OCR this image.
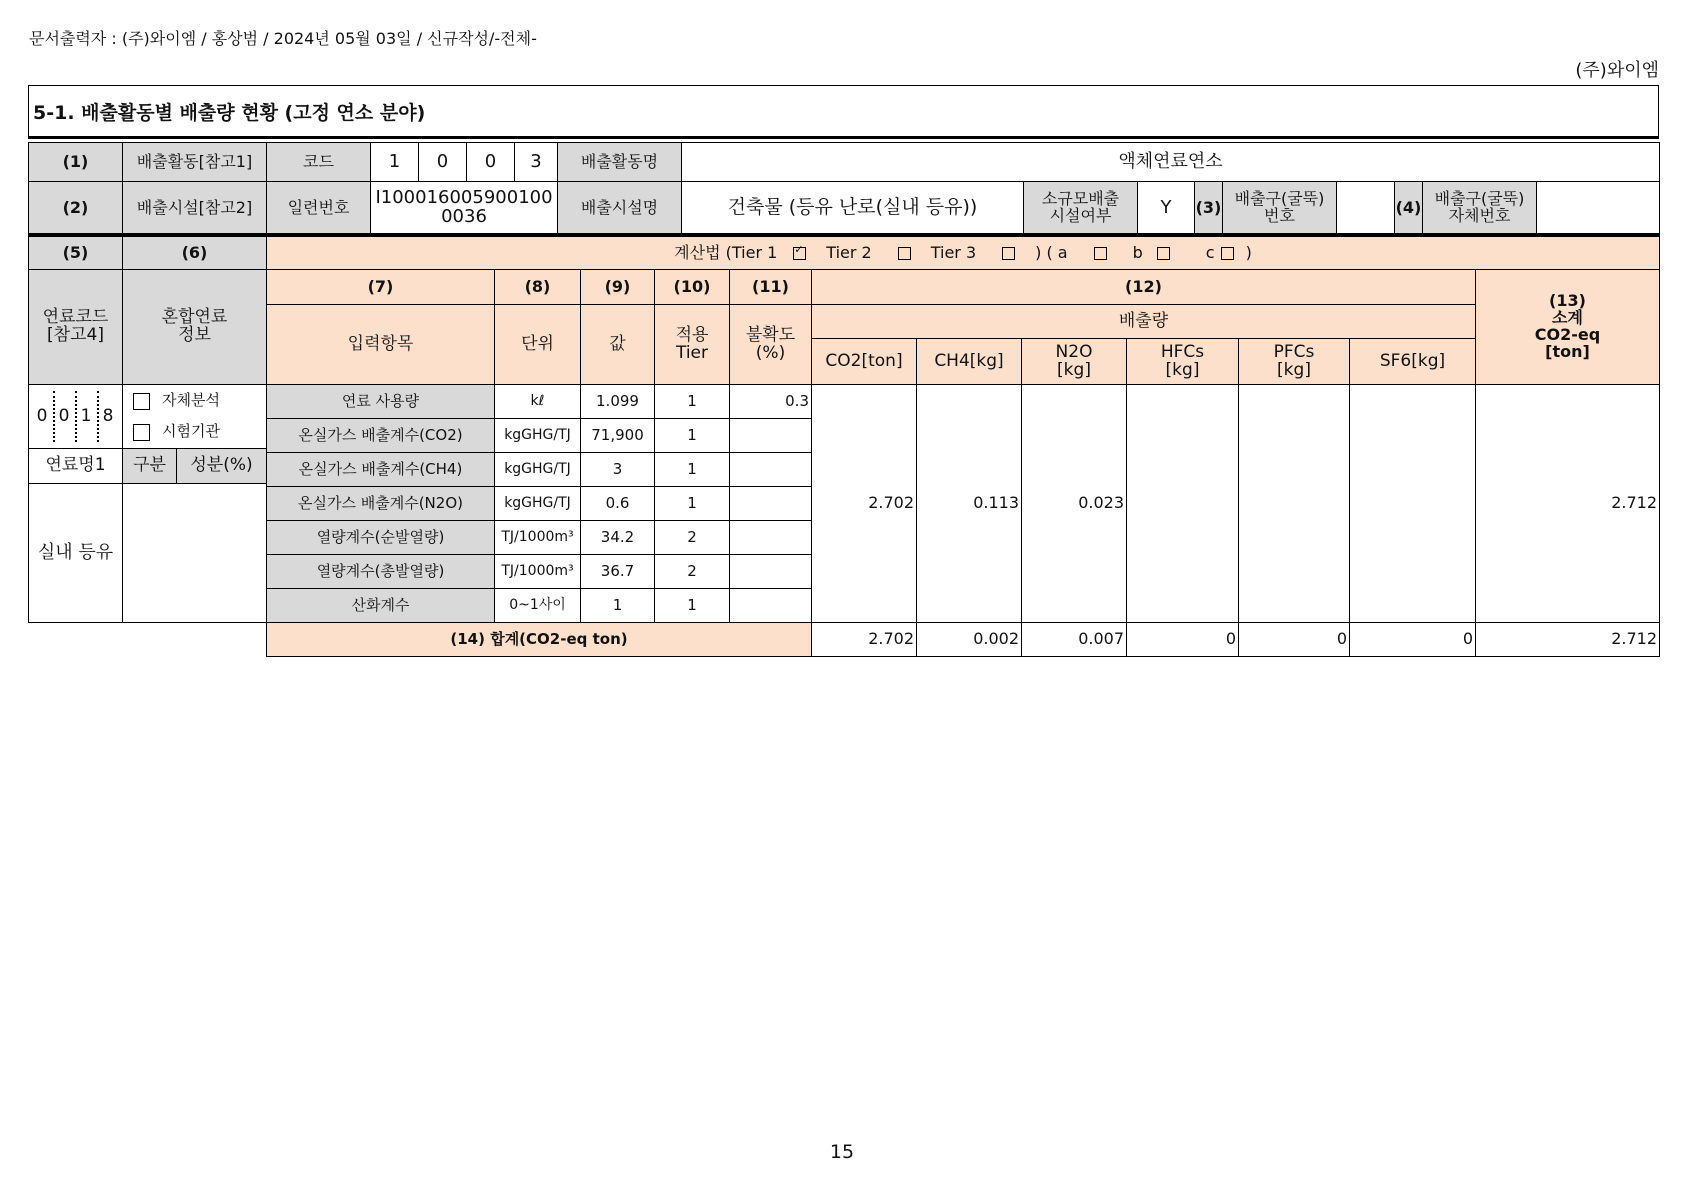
문서출력자 : (주)와이엠 / 홍상범 / 2024년 05월 03일 / 신규작성/-전체-
(주)와이엠
5-1. 배출활동별 배출량 현황 (고정 연소 분야)
(1)	배출활동[참고1]	코드	1	0	0	3	배출활동명	액체연료연소
(2)	배출시설[참고2]	일련번호	I100016005900100
0036	배출시설명	건축물 (등유 난로(실내 등유))	소규모배출
시설여부	Y	(3) 배출구(굴뚝)
번호	(4) 배출구(굴뚝)
자체번호
(5)	(6)	계산법 (Tier 1
✓	Tier 2	Tier 3	) ( a	b	c )
연료코드
[참고4]
혼합연료
정보
(7)	(8)	(9)	(10)	(11)	(12)
(13)
소계
CO2-eq
[ton]
입력항목	단위	값	적용
Tier
불확도
(%)
배출량
CO2[ton]	CH4[kg]	N2O
[kg]
HFCs
[kg]
PFCs
[kg]	SF6[kg]
0 0 1 8
자체분석
시험기관
연료명1	구분	성분(%)
실내 등유
연료 사용량	kℓ	1.099	1	0.3
온실가스 배출계수(CO2)	kgGHG/TJ	71,900	1
온실가스 배출계수(CH4)	kgGHG/TJ	3	1
온실가스 배출계수(N2O)	kgGHG/TJ	0.6	1
열량계수(순발열량)	TJ/1000m³	34.2	2
열량계수(총발열량)	TJ/1000m³	36.7	2
산화계수	0~1사이	1	1
2.702	0.113	0.023	2.712
(14) 합계(CO2-eq ton)	2.702	0.002	0.007	0	0	0	2.712
15
